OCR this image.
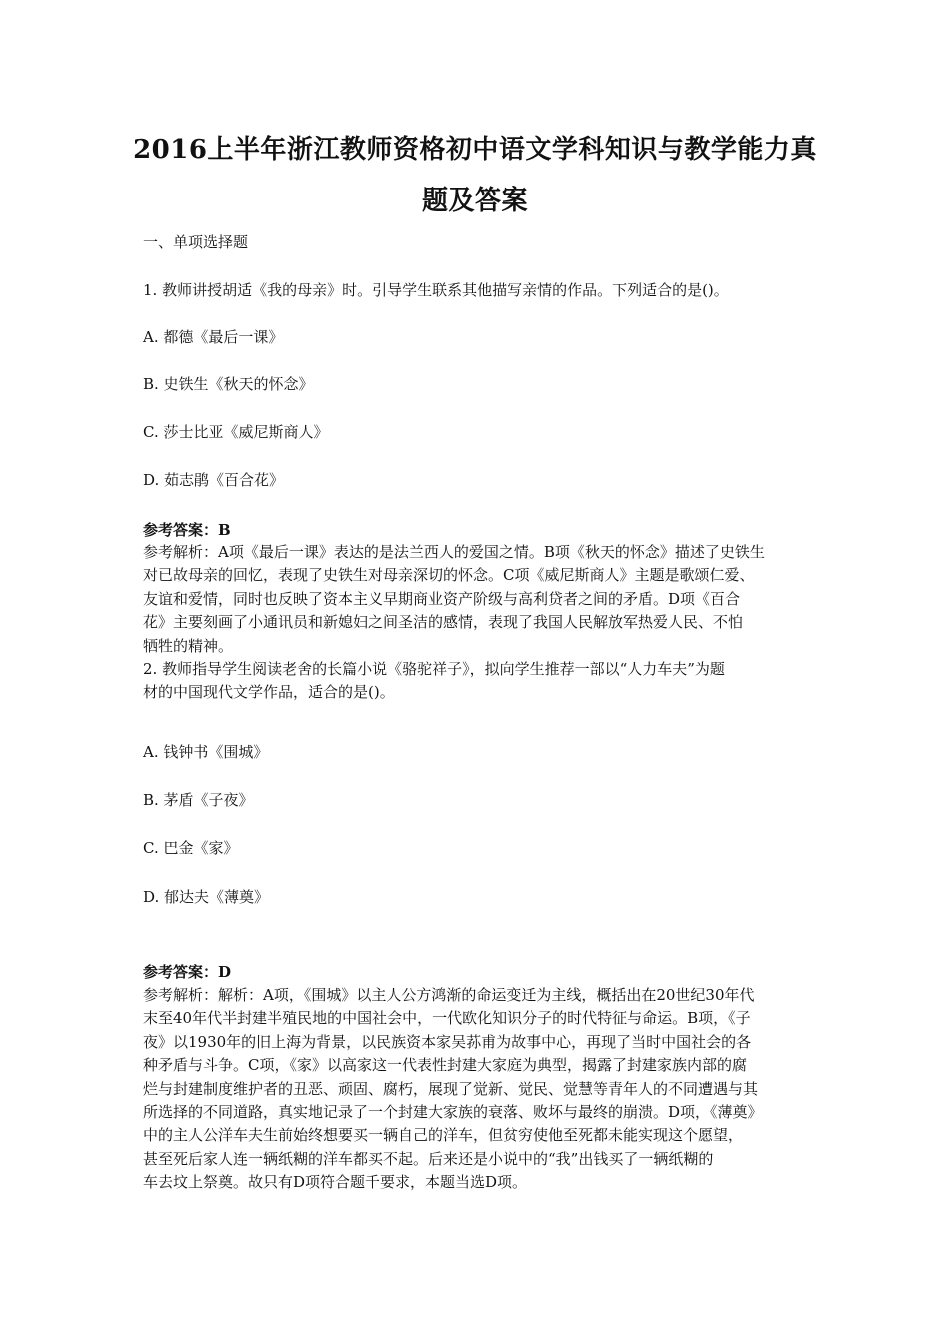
2016上半年浙江教师资格初中语文学科知识与教学能力真
题及答案
一、单项选择题
1. 教师讲授胡适《我的母亲》时。引导学生联系其他描写亲情的作品。下列适合的是()。
A. 都德《最后一课》
B. 史铁生《秋天的怀念》
C. 莎士比亚《威尼斯商人》
D. 茹志鹃《百合花》
参考答案：B

参考解析：A项《最后一课》表达的是法兰西人的爱国之情。B项《秋天的怀念》描述了史铁生

对已故母亲的回忆，表现了史铁生对母亲深切的怀念。C项《威尼斯商人》主题是歌颂仁爱、

友谊和爱情，同时也反映了资本主义早期商业资产阶级与高利贷者之间的矛盾。D项《百合

花》主要刻画了小通讯员和新媳妇之间圣洁的感情，表现了我国人民解放军热爱人民、不怕

牺牲的精神。

2. 教师指导学生阅读老舍的长篇小说《骆驼祥子》，拟向学生推荐一部以“人力车夫”为题

材的中国现代文学作品，适合的是()。

A. 钱钟书《围城》
B. 茅盾《子夜》
C. 巴金《家》
D. 郁达夫《薄奠》
参考答案：D

参考解析：解析：A项，《围城》以主人公方鸿渐的命运变迁为主线，概括出在20世纪30年代

末至40年代半封建半殖民地的中国社会中，一代欧化知识分子的时代特征与命运。B项，《子

夜》以1930年的旧上海为背景，以民族资本家吴荪甫为故事中心，再现了当时中国社会的各

种矛盾与斗争。C项，《家》以高家这一代表性封建大家庭为典型，揭露了封建家族内部的腐

烂与封建制度维护者的丑恶、顽固、腐朽，展现了觉新、觉民、觉慧等青年人的不同遭遇与其

所选择的不同道路，真实地记录了一个封建大家族的衰落、败坏与最终的崩溃。D项，《薄奠》

中的主人公洋车夫生前始终想要买一辆自己的洋车，但贫穷使他至死都未能实现这个愿望，

甚至死后家人连一辆纸糊的洋车都买不起。后来还是小说中的“我”出钱买了一辆纸糊的

车去坟上祭奠。故只有D项符合题千要求，本题当选D项。
